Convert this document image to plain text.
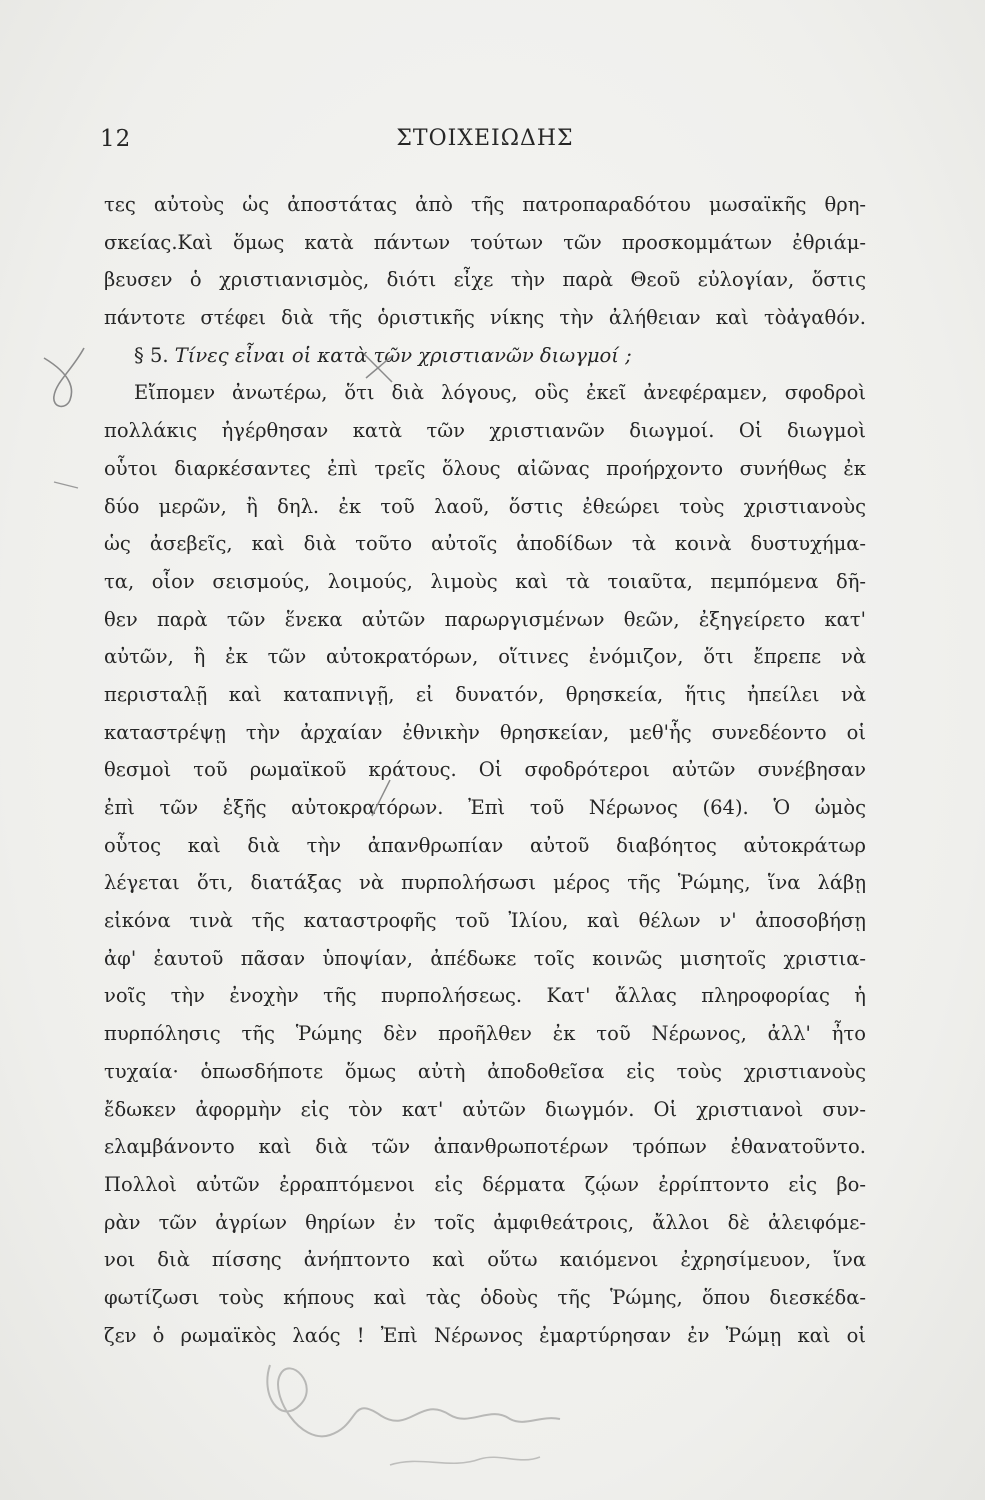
12	ΣΤΟΙΧΕΙΩΔΗΣ
τες αὐτοὺς ὡς ἀποστάτας ἀπὸ τῆς πατροπαραδότου μωσαϊκῆς θρη-
σκείας.Καὶ ὅμως κατὰ πάντων τούτων τῶν προσκομμάτων ἐθριάμ-
βευσεν ὁ χριστιανισμὸς, διότι εἶχε τὴν παρὰ Θεοῦ εὐλογίαν, ὅστις
πάντοτε στέφει διὰ τῆς ὁριστικῆς νίκης τὴν ἀλήθειαν καὶ τὸἀγαθόν.
§ 5. Τίνες εἶναι οἱ κατὰ τῶν χριστιανῶν διωγμοί ;
Εἴπομεν ἀνωτέρω, ὅτι διὰ λόγους, οὓς ἐκεῖ ἀνεφέραμεν, σφοδροὶ
πολλάκις ἠγέρθησαν κατὰ τῶν χριστιανῶν διωγμοί. Οἱ διωγμοὶ
οὗτοι διαρκέσαντες ἐπὶ τρεῖς ὅλους αἰῶνας προήρχοντο συνήθως ἐκ
δύο μερῶν, ἢ δηλ. ἐκ τοῦ λαοῦ, ὅστις ἐθεώρει τοὺς χριστιανοὺς
ὡς ἀσεβεῖς, καὶ διὰ τοῦτο αὐτοῖς ἀποδίδων τὰ κοινὰ δυστυχήμα-
τα, οἷον σεισμούς, λοιμούς, λιμοὺς καὶ τὰ τοιαῦτα, πεμπόμενα δῆ-
θεν παρὰ τῶν ἕνεκα αὐτῶν παρωργισμένων θεῶν, ἐξηγείρετο κατ'
αὐτῶν, ἢ ἐκ τῶν αὐτοκρατόρων, οἵτινες ἐνόμιζον, ὅτι ἔπρεπε νὰ
περισταλῇ καὶ καταπνιγῇ, εἰ δυνατόν, θρησκεία, ἥτις ἠπείλει νὰ
καταστρέψῃ τὴν ἀρχαίαν ἐθνικὴν θρησκείαν, μεθ'ἧς συνεδέοντο οἱ
θεσμοὶ τοῦ ρωμαϊκοῦ κράτους. Οἱ σφοδρότεροι αὐτῶν συνέβησαν
ἐπὶ τῶν ἑξῆς αὐτοκρατόρων. Ἐπὶ τοῦ Νέρωνος (64). Ὁ ὠμὸς
οὗτος καὶ διὰ τὴν ἀπανθρωπίαν αὐτοῦ διαβόητος αὐτοκράτωρ
λέγεται ὅτι, διατάξας νὰ πυρπολήσωσι μέρος τῆς Ῥώμης, ἵνα λάβῃ
εἰκόνα τινὰ τῆς καταστροφῆς τοῦ Ἰλίου, καὶ θέλων ν' ἀποσοβήσῃ
ἀφ' ἑαυτοῦ πᾶσαν ὑποψίαν, ἀπέδωκε τοῖς κοινῶς μισητοῖς χριστια-
νοῖς τὴν ἐνοχὴν τῆς πυρπολήσεως. Κατ' ἄλλας πληροφορίας ἡ
πυρπόλησις τῆς Ῥώμης δὲν προῆλθεν ἐκ τοῦ Νέρωνος, ἀλλ' ἦτο
τυχαία· ὁπωσδήποτε ὅμως αὐτὴ ἀποδοθεῖσα εἰς τοὺς χριστιανοὺς
ἔδωκεν ἀφορμὴν εἰς τὸν κατ' αὐτῶν διωγμόν. Οἱ χριστιανοὶ συν-
ελαμβάνοντο καὶ διὰ τῶν ἀπανθρωποτέρων τρόπων ἐθανατοῦντο.
Πολλοὶ αὐτῶν ἐρραπτόμενοι εἰς δέρματα ζῴων ἐρρίπτοντο εἰς βο-
ρὰν τῶν ἀγρίων θηρίων ἐν τοῖς ἀμφιθεάτροις, ἄλλοι δὲ ἀλειφόμε-
νοι διὰ πίσσης ἀνήπτοντο καὶ οὕτω καιόμενοι ἐχρησίμευον, ἵνα
φωτίζωσι τοὺς κήπους καὶ τὰς ὁδοὺς τῆς Ῥώμης, ὅπου διεσκέδα-
ζεν ὁ ρωμαϊκὸς λαός ! Ἐπὶ Νέρωνος ἐμαρτύρησαν ἐν Ῥώμῃ καὶ οἱ
